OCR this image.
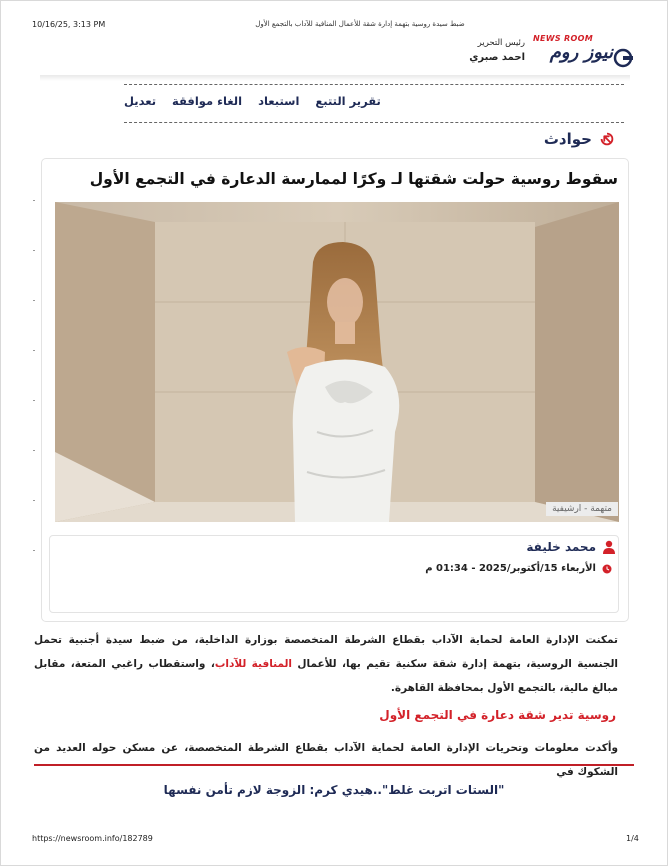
10/16/25, 3:13 PM	ضبط سيدة روسية بتهمة إدارة شقة للأعمال المنافية للآداب بالتجمع الأول
NEWS ROOM
نيوز روم
رئيس التحرير
احمد صبري
تعديل الغاء موافقة استبعاد تقرير التتبع
حوادث
سقوط روسية حولت شقتها لـ وكرًا لممارسة الدعارة في التجمع الأول
متهمة - ارشيفية
محمد خليفة
الأربعاء 15/أكتوبر/2025 - 01:34 م
تمكنت الإدارة العامة لحماية الآداب بقطاع الشرطة المتخصصة بوزارة الداخلية، من ضبط سيدة أجنبية تحمل الجنسية الروسية، بتهمة إدارة شقة سكنية تقيم بها، للأعمال المنافية للآداب، واستقطاب راغبي المتعة، مقابل مبالغ مالية، بالتجمع الأول بمحافظة القاهرة.
روسية تدير شقة دعارة في التجمع الأول
وأكدت معلومات وتحريات الإدارة العامة لحماية الآداب بقطاع الشرطة المتخصصة، عن مسكن حوله العديد من الشكوك في
"الستات اتربت غلط"..هيدي كرم: الزوجة لازم تأمن نفسها
https://newsroom.info/182789	1/4
